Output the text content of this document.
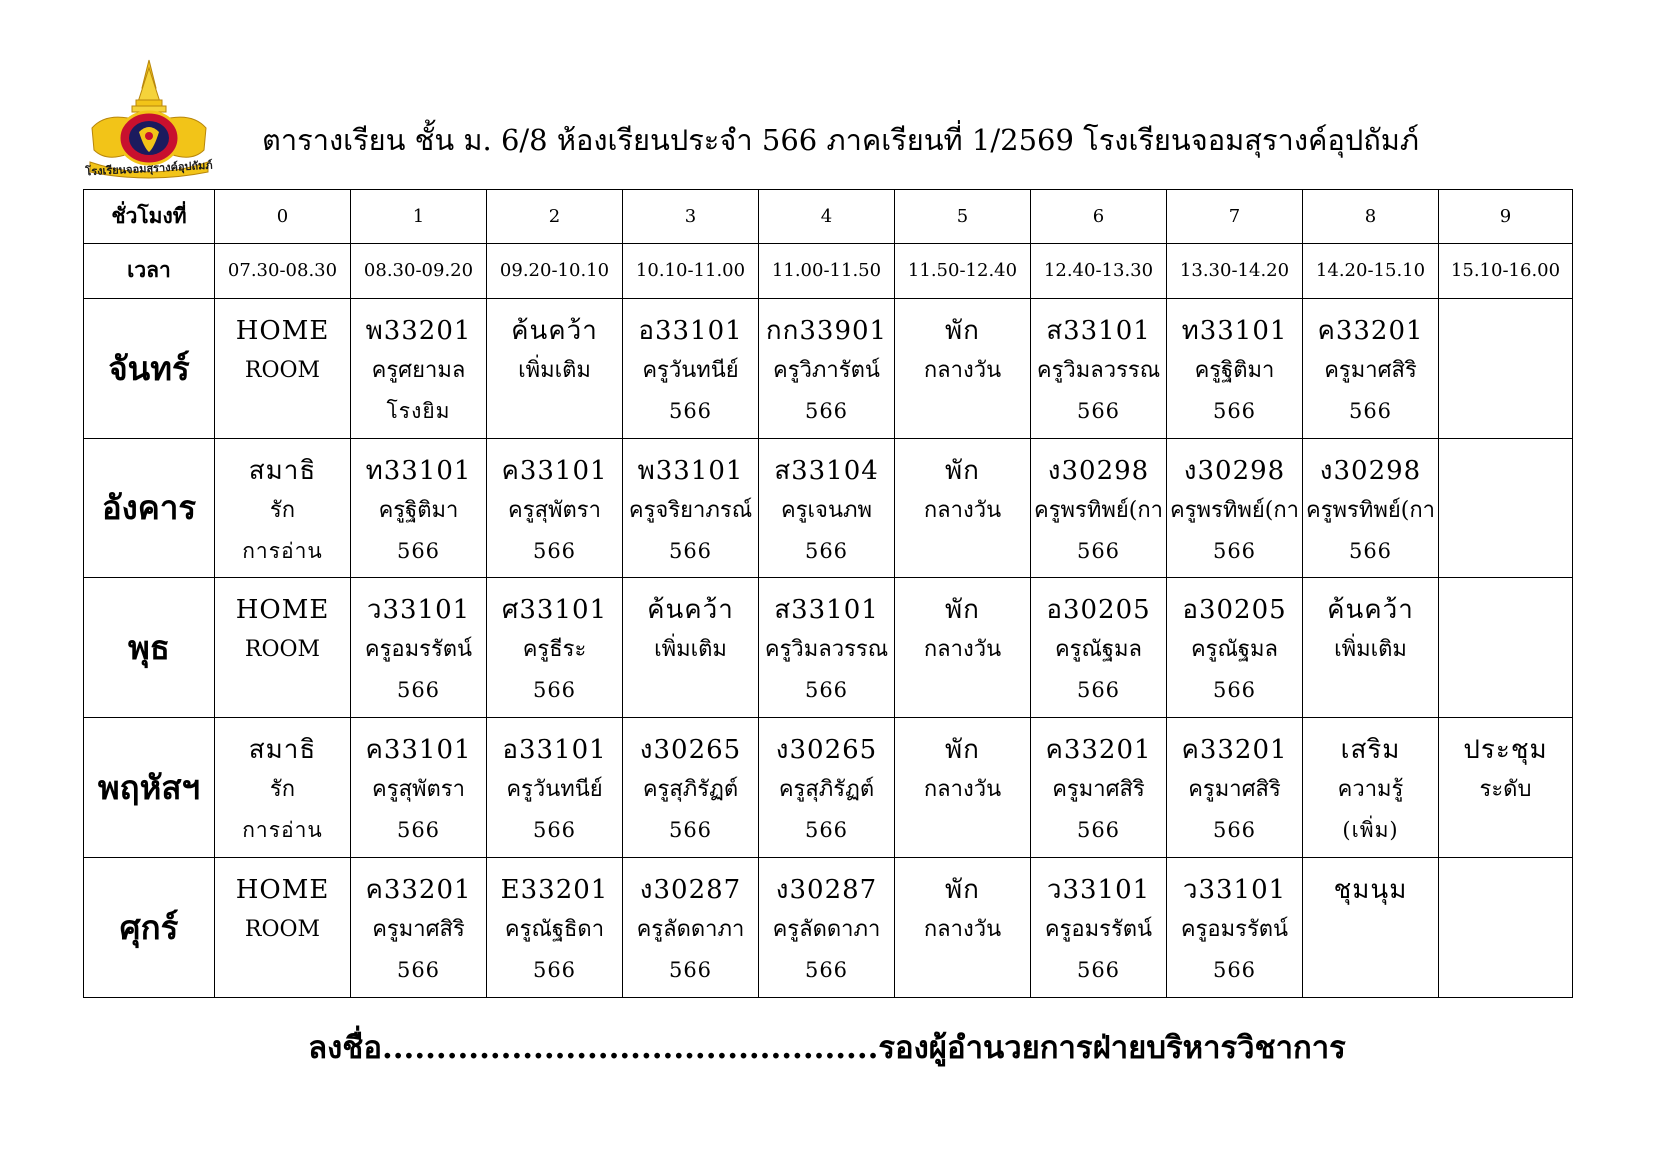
โรงเรียนจอมสุรางค์อุปถัมภ์
ตารางเรียน ชั้น ม. 6/8 ห้องเรียนประจำ 566 ภาคเรียนที่ 1/2569 โรงเรียนจอมสุรางค์อุปถัมภ์
ชั่วโมงที่	0	1	2	3	4	5	6	7	8	9
เวลา	07.30-08.30	08.30-09.20	09.20-10.10	10.10-11.00	11.00-11.50	11.50-12.40	12.40-13.30	13.30-14.20	14.20-15.10	15.10-16.00
จันทร์	HOME
ROOM	พ33201
ครูศยามล
โรงยิม	ค้นคว้า
เพิ่มเติม	อ33101
ครูวันทนีย์
566	กก33901
ครูวิภารัตน์
566	พัก
กลางวัน	ส33101
ครูวิมลวรรณ
566	ท33101
ครูฐิติมา
566	ค33201
ครูมาศสิริ
566	

อังคาร	สมาธิ
รัก
การอ่าน	ท33101
ครูฐิติมา
566	ค33101
ครูสุพัตรา
566	พ33101
ครูจริยาภรณ์
566	ส33104
ครูเจนภพ
566	พัก
กลางวัน	ง30298
ครูพรทิพย์(กา
566	ง30298
ครูพรทิพย์(กา
566	ง30298
ครูพรทิพย์(กา
566	

พุธ	HOME
ROOM	ว33101
ครูอมรรัตน์
566	ศ33101
ครูธีระ
566	ค้นคว้า
เพิ่มเติม	ส33101
ครูวิมลวรรณ
566	พัก
กลางวัน	อ30205
ครูณัฐมล
566	อ30205
ครูณัฐมล
566	ค้นคว้า
เพิ่มเติม	

พฤหัสฯ	สมาธิ
รัก
การอ่าน	ค33101
ครูสุพัตรา
566	อ33101
ครูวันทนีย์
566	ง30265
ครูสุภิรัฏต์
566	ง30265
ครูสุภิรัฏต์
566	พัก
กลางวัน	ค33201
ครูมาศสิริ
566	ค33201
ครูมาศสิริ
566	เสริม
ความรู้
(เพิ่ม)	ประชุม
ระดับ

ศุกร์	HOME
ROOM	ค33201
ครูมาศสิริ
566	E33201
ครูณัฐธิดา
566	ง30287
ครูลัดดาภา
566	ง30287
ครูลัดดาภา
566	พัก
กลางวัน	ว33101
ครูอมรรัตน์
566	ว33101
ครูอมรรัตน์
566	ชุมนุม	

ลงชื่อ..............................................รองผู้อำนวยการฝ่ายบริหารวิชาการ
